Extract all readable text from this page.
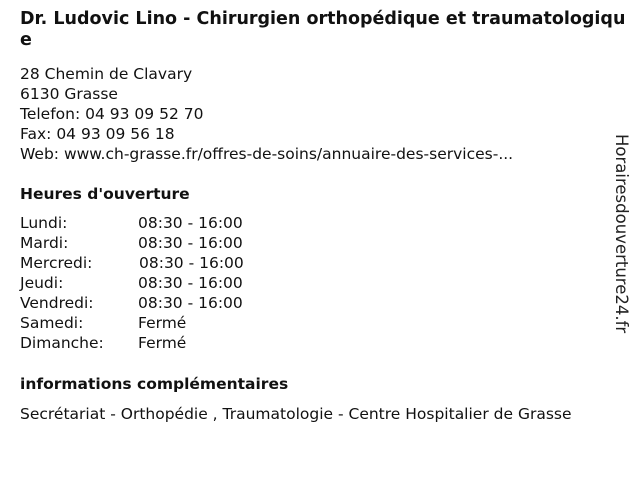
Dr. Ludovic Lino - Chirurgien orthopédique et traumatologique
28 Chemin de Clavary
6130 Grasse
Telefon: 04 93 09 52 70
Fax: 04 93 09 56 18
Web: www.ch-grasse.fr/offres-de-soins/annuaire-des-services-...
Heures d'ouverture
Lundi:	08:30 - 16:00
Mardi:	08:30 - 16:00
Mercredi:	08:30 - 16:00
Jeudi:	08:30 - 16:00
Vendredi:	08:30 - 16:00
Samedi:	Fermé
Dimanche: Fermé
informations complémentaires
Secrétariat - Orthopédie , Traumatologie - Centre Hospitalier de Grasse
Horairesdouverture24.fr
